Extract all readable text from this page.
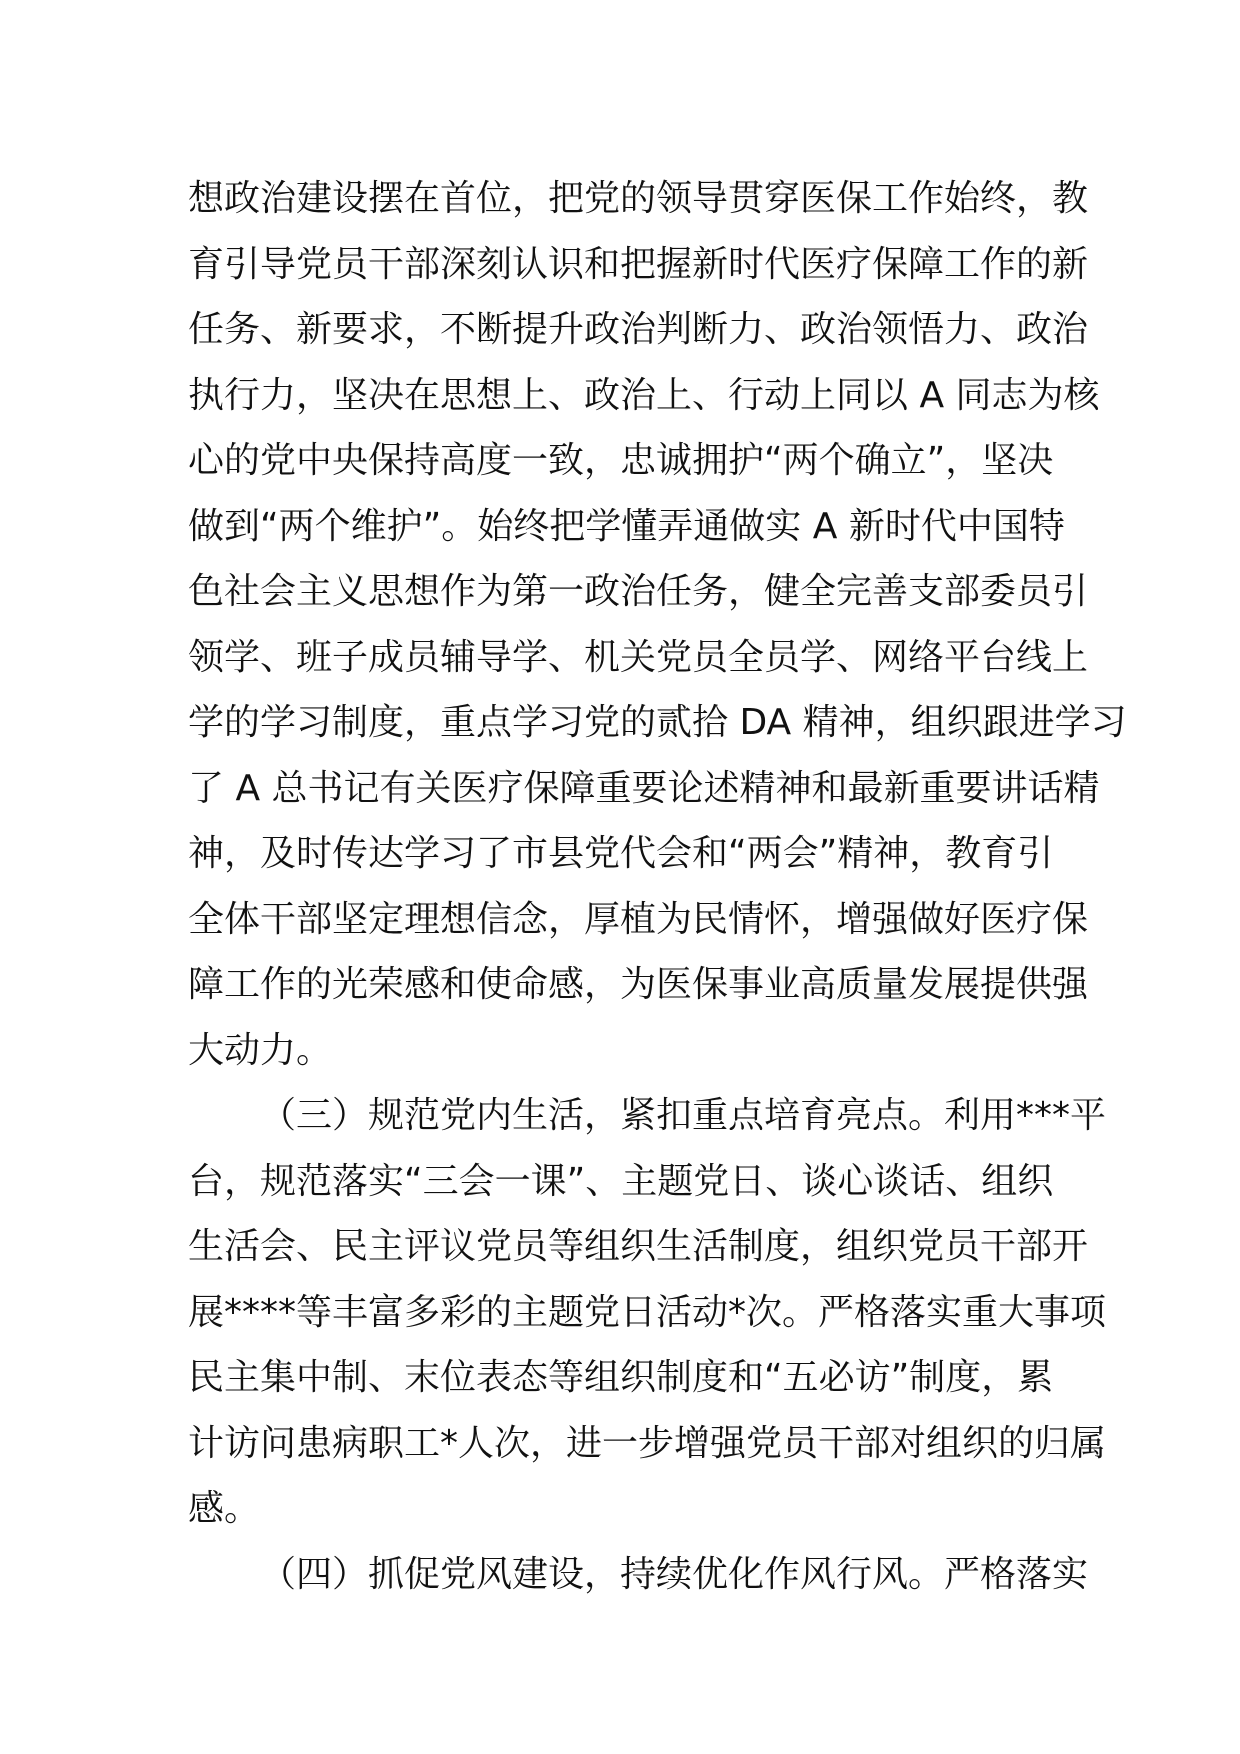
想政治建设摆在首位，把党的领导贯穿医保工作始终，教
育引导党员干部深刻认识和把握新时代医疗保障工作的新
任务、新要求，不断提升政治判断力、政治领悟力、政治
执行力，坚决在思想上、政治上、行动上同以 A 同志为核
心的党中央保持高度一致，忠诚拥护“两个确立”，坚决
做到“两个维护”。始终把学懂弄通做实 A 新时代中国特
色社会主义思想作为第一政治任务，健全完善支部委员引
领学、班子成员辅导学、机关党员全员学、网络平台线上
学的学习制度，重点学习党的贰拾 DA 精神，组织跟进学习
了 A 总书记有关医疗保障重要论述精神和最新重要讲话精
神，及时传达学习了市县党代会和“两会”精神，教育引
全体干部坚定理想信念，厚植为民情怀，增强做好医疗保
障工作的光荣感和使命感，为医保事业高质量发展提供强
大动力。
（三）规范党内生活，紧扣重点培育亮点。利用***平
台，规范落实“三会一课”、主题党日、谈心谈话、组织
生活会、民主评议党员等组织生活制度，组织党员干部开
展****等丰富多彩的主题党日活动*次。严格落实重大事项
民主集中制、末位表态等组织制度和“五必访”制度，累
计访问患病职工*人次，进一步增强党员干部对组织的归属
感。
（四）抓促党风建设，持续优化作风行风。严格落实
